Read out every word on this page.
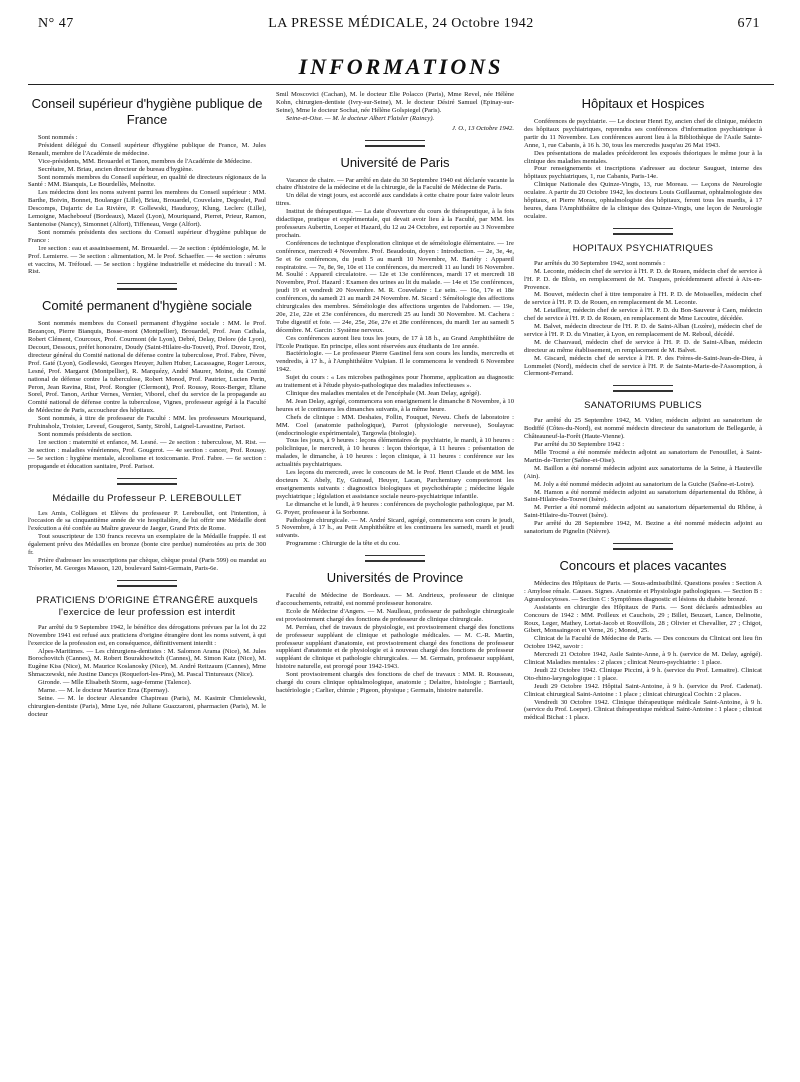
N° 47	LA PRESSE MÉDICALE, 24 Octobre 1942	671
INFORMATIONS
Conseil supérieur d'hygiène publique de France

Sont nommés :

Président délégué du Conseil supérieur d'hygiène publique de France, M. Jules Renault, membre de l'Académie de médecine.

Vice-présidents, MM. Brouardel et Tanon, membres de l'Académie de Médecine.

Secrétaire, M. Briau, ancien directeur de bureau d'hygiène.

Sont nommés membres du Conseil supérieur, en qualité de directeurs régionaux de la Santé : MM. Bianquis, Le Bourdellès, Melnotte.

Les médecins dont les noms suivent parmi les membres du Conseil supérieur : MM. Barthe, Boivin, Bonnet, Boulanger (Lille), Briau, Brouardel, Couvelaire, Degoulet, Paul Descomps, Dujarric de La Rivière, P. Gollewski, Hauduroy, Klung, Leclerc (Lille), Lemoigne, Macheboeuf (Bordeaux), Mazel (Lyon), Mouriquand, Pierret, Prieur, Ramon, Santenoise (Nancy), Simonnet (Alfort), Tiffeneau, Verge (Alfort).

Sont nommés présidents des sections du Conseil supérieur d'hygiène publique de France :

1re section : eau et assainissement, M. Brouardel. — 2e section : épidémiologie, M. le Prof. Lemierre. — 3e section : alimentation, M. le Prof. Schaeffer. — 4e section : sérums et vaccins, M. Tréfouel. — 5e section : hygiène industrielle et médecine du travail : M. Rist.

Comité permanent d'hygiène sociale

Sont nommés membres du Conseil permanent d'hygiène sociale : MM. le Prof. Bezançon, Pierre Bianquis, Bosse-mont (Montpellier), Brouardel, Prof. Jean Cathala, Robert Clément, Courcoux, Prof. Courmont (de Lyon), Debré, Delay, Delore (de Lyon), Decourt, Dessoux, préfet honoraire, Doudy (Saint-Hilaire-du-Touvet), Prof. Duvoir, Erot, directeur général du Comité national de défense contre la tuberculose, Prof. Fabre, Fèvre, Prof. Gaté (Lyon), Godlewski, Georges Heuyer, Julien Huber, Lacassagne, Roger Leroux, Lesné, Prof. Margarot (Montpellier), R. Marquézy, André Maurer, Moine, du Comité national de défense contre la tuberculose, Robert Monod, Prof. Pautrier, Lucien Perin, Peron, Jean Ravina, Rist, Prof. Rongier (Clermont), Prof. Roussy, Roux-Berger, Eliane Sorel, Prof. Tanon, Arthur Vernes, Vernier, Viborel, chef du service de la propagande au Comité national de défense contre la tuberculose, Vignes, professeur agrégé à la Faculté de Médecine de Paris, accoucheur des hôpitaux.

Sont nommés, à titre de professeur de Faculté : MM. les professeurs Mouriquand, Fruhinsholz, Troisier, Leveuf, Gougerot, Santy, Strohl, Laignel-Lavastine, Parisot.

Sont nommés présidents de section.

1re section : maternité et enfance, M. Lesné. — 2e section : tuberculose, M. Rist. — 3e section : maladies vénériennes, Prof. Gougerot. — 4e section : cancer, Prof. Roussy. — 5e section : hygiène mentale, alcoolisme et toxicomanie. Prof. Fabre. — 6e section : propagande et éducation sanitaire, Prof. Parisot.

Médaille du Professeur P. LEREBOULLET

Les Amis, Collègues et Elèves du professeur P. Lereboullet, ont l'intention, à l'occasion de sa cinquantième année de vie hospitalière, de lui offrir une Médaille dont l'exécution a été confiée au Maître graveur de Jaeger, Grand Prix de Rome.

Tout souscripteur de 130 francs recevra un exemplaire de la Médaille frappée. Il est également prévu des Médailles en bronze (bonte cire perdue) numérotées au prix de 300 fr.

Prière d'adresser les souscriptions par chèque, chèque postal (Paris 599) ou mandat au Trésorier, M. Georges Masson, 120, boulevard Saint-Germain, Paris-6e.

PRATICIENS D'ORIGINE ÉTRANGÈRE auxquels l'exercice de leur profession est interdit

Par arrêté du 9 Septembre 1942, le bénéfice des dérogations prévues par la loi du 22 Novembre 1941 est refusé aux praticiens d'origine étrangère dont les noms suivent, à qui l'exercice de la profession est, en conséquence, définitivement interdit :

Alpes-Maritimes. — Les chirurgiens-dentistes : M. Salomon Arama (Nice), M. Jules Borochovitch (Cannes), M. Robert Bourakhowitch (Cannes), M. Simon Katz (Nice), M. Eugène Kiss (Nice), M. Maurice Koslanosky (Nice), M. André Reitzaum (Cannes), Mme Shmaczewski, née Justine Dancys (Roquefort-les-Pins), M. Pascal Tintureaux (Nice).

Gironde. — Mlle Elisabeth Storm, sage-femme (Talence).

Marne. — M. le docteur Maurice Erza (Epernay).

Seine. — M. le docteur Alexandre Chapireau (Paris), M. Kasimir Chmielewski, chirurgien-dentiste (Paris), Mme Lye, née Juliane Guazzaroni, pharmacien (Paris), M. le docteur

Smil Moscovici (Cachan), M. le docteur Elie Polacco (Paris), Mme Revel, née Hélène Kohn, chirurgien-dentiste (Ivry-sur-Seine), M. le docteur Désiré Samuel (Epinay-sur-Seine), Mme le docteur Sochat, née Hélène Golspiegel (Paris).

Seine-et-Oise. — M. le docteur Albert Flaisler (Raincy).

J. O., 13 Octobre 1942.
Université de Paris

Vacance de chaire. — Par arrêté en date du 30 Septembre 1940 est déclarée vacante la chaire d'histoire de la médecine et de la chirurgie, de la Faculté de Médecine de Paris.

Un délai de vingt jours, est accordé aux candidats à cette chaire pour faire valoir leurs titres.

Institut de thérapeutique. — La date d'ouverture du cours de thérapeutique, à la fois didactique, pratique et expérimentale, qui devait avoir lieu à la Faculté, par MM. les professeurs Aubertin, Loeper et Hazard, du 12 au 24 Octobre, est reportée au 3 Novembre prochain.

Conférences de technique d'exploration clinique et de séméiologie élémentaire. — 1re conférence, mercredi 4 Novembre. Prof. Beaudouin, doyen : Introduction. — 2e, 3e, 4e, 5e et 6e conférences, du jeudi 5 au mardi 10 Novembre, M. Bariéty : Appareil respiratoire. — 7e, 8e, 9e, 10e et 11e conférences, du mercredi 11 au lundi 16 Novembre. M. Soulié : Appareil circulatoire. — 12e et 13e conférences, mardi 17 et mercredi 18 Novembre, Prof. Hazard : Examen des urines au lit du malade. — 14e et 15e conférences, jeudi 19 et vendredi 20 Novembre. M. R. Couvelaire : Le sein. — 16e, 17e et 18e conférences, du samedi 21 au mardi 24 Novembre. M. Sicard : Séméiologie des affections chirurgicales des membres. Séméiologie des affections urgentes de l'abdomen. — 19e, 20e, 21e, 22e et 23e conférences, du mercredi 25 au lundi 30 Novembre. M. Cachera : Tube digestif et foie. — 24e, 25e, 26e, 27e et 28e conférences, du mardi 1er au samedi 5 décembre. M. Garcin : Système nerveux.

Ces conférences auront lieu tous les jours, de 17 à 18 h., au Grand Amphithéâtre de l'Ecole Pratique. En principe, elles sont réservées aux étudiants de 1re année.

Bactériologie. — Le professeur Pierre Gastinel fera son cours les lundis, mercredis et vendredis, à 17 h., à l'Amphithéâtre Vulpian. Il le commencera le vendredi 6 Novembre 1942.

Sujet du cours : « Les microbes pathogènes pour l'homme, application au diagnostic au traitement et à l'étude physio-pathologique des maladies infectieuses ».

Clinique des maladies mentales et de l'encéphale (M. Jean Delay, agrégé).

M. Jean Delay, agrégé, commencera son enseignement le dimanche 8 Novembre, à 10 heures et le continuera les dimanches suivants, à la même heure.

Chefs de clinique : MM. Deshaies, Follin, Fouquet, Neveu. Chefs de laboratoire : MM. Coel (anatomie pathologique), Parrot (physiologie nerveuse), Soulayrac (endocrinologie expérimentale), Targowla (biologie).

Tous les jours, à 9 heures : leçons élémentaires de psychiatrie, le mardi, à 10 heures : policlinique, le mercredi, à 10 heures : leçon théorique, à 11 heures : présentation de malades, le dimanche, à 10 heures : leçon clinique, à 11 heures : conférence sur les actualités psychiatriques.

Les leçons du mercredi, avec le concours de M. le Prof. Henri Claude et de MM. les docteurs X. Abely, Ey, Guiraud, Heuyer, Lacan, Parchemiuey comporteront les enseignements suivants : diagnostics biologiques et psychothérapie ; médecine légale psychiatrique ; législation et assistance sociale neuro-psychiatrique infantile.

Le dimanche et le lundi, à 9 heures : conférences de psychologie pathologique, par M. G. Poyer, professeur à la Sorbonne.

Pathologie chirurgicale. — M. André Sicard, agrégé, commencera son cours le jeudi, 5 Novembre, à 17 h., au Petit Amphithéâtre et les continuera les samedi, mardi et jeudi suivants.

Programme : Chirurgie de la tête et du cou.

Universités de Province

Faculté de Médecine de Bordeaux. — M. Andrieux, professeur de clinique d'accouchements, retraité, est nommé professeur honoraire.

Ecole de Médecine d'Angers. — M. Naulleau, professeur de pathologie chirurgicale est provisoirement chargé des fonctions de professeur de clinique chirurgicale.

M. Perréau, chef de travaux de physiologie, est provisoirement chargé des fonctions de professeur suppléant de clinique et pathologie médicales. — M. C.-R. Martin, professeur suppléant d'anatomie, est provisoirement chargé des fonctions de professeur suppléant d'anatomie et de physiologie et à nouveau chargé des fonctions de professeur suppléant de clinique et pathologie chirurgicales. — M. Germain, professeur suppléant, histoire naturelle, est prorogé pour 1942-1943.

Sont provisoirement chargés des fonctions de chef de travaux : MM. R. Rousseau, chargé du cours clinique ophtalmologique, anatomie ; Delaitre, histologie ; Barriault, bactériologie ; Carlier, chimie ; Pigeon, physique ; Germain, histoire naturelle.

Hôpitaux et Hospices

Conférences de psychiatrie. — Le docteur Henri Ey, ancien chef de clinique, médecin des hôpitaux psychiatriques, reprendra ses conférences d'information psychiatrique à partir du 11 Novembre. Les conférences auront lieu à la Bibliothèque de l'Asile Sainte-Anne, 1, rue Cabanis, à 16 h. 30, tous les mercredis jusqu'au 26 Mai 1943.

Des présentations de malades précéderont les exposés théoriques le même jour à la clinique des maladies mentales.

Pour renseignements et inscriptions s'adresser au docteur Sauguet, interne des hôpitaux psychiatriques, 1, rue Cabanis, Paris-14e.

Clinique Nationale des Quinze-Vingts, 13, rue Moreau. — Leçons de Neurologie oculaire. A partir du 20 Octobre 1942, les docteurs Louis Guillaumat, ophtalmologiste des hôpitaux, et Pierre Morax, ophtalmologiste des hôpitaux, feront tous les mardis, à 17 heures, dans l'Amphithéâtre de la clinique des Quinze-Vingts, une leçon de Neurologie oculaire.

HOPITAUX PSYCHIATRIQUES

Par arrêtés du 30 Septembre 1942, sont nommés :

M. Leconte, médecin chef de service à l'H. P. D. de Rouen, médecin chef de service à l'H. P. D. de Blois, en remplacement de M. Tusques, précédemment affecté à Aix-en-Provence.

M. Bouvet, médecin chef à titre temporaire à l'H. P. D. de Moisselles, médecin chef de service à l'H. P. D. de Rouen, en remplacement de M. Leconte.

M. Letailleur, médecin chef de service à l'H. P. D. du Bon-Sauveur à Caen, médecin chef de service à l'H. P. D. de Rouen, en remplacement de Mme Lecoutre, décédée.

M. Balvet, médecin directeur de l'H. P. D. de Saint-Alban (Lozère), médecin chef de service à l'H. P. D. du Vinatier, à Lyon, en remplacement de M. Reboul, décédé.

M. de Chauvaud, médecin chef de service à l'H. P. D. de Saint-Alban, médecin directeur au même établissement, en remplacement de M. Balvet.

M. Giscard, médecin chef de service à l'H. P. des Frères-de-Saint-Jean-de-Dieu, à Lommelet (Nord), médecin chef de service à l'H. P. de Sainte-Marie-de-l'Assomption, à Clermont-Ferrand.

SANATORIUMS PUBLICS

Par arrêté du 25 Septembre 1942, M. Vidier, médecin adjoint au sanatorium de Bodiffé (Côtes-du-Nord), est nommé médecin directeur du sanatorium de Bellegarde, à Châteauneuf-la-Forêt (Haute-Vienne).

Par arrêté du 30 Septembre 1942 :

Mlle Trocmé a été nommée médecin adjoint au sanatorium de Fenouillet, à Saint-Martin-de-Terrier (Saône-et-Oise).

M. Baillon a été nommé médecin adjoint aux sanatoriums de la Seine, à Hauteville (Ain).

M. Joly a été nommé médecin adjoint au sanatorium de la Guiche (Saône-et-Loire).

M. Hamon a été nommé médecin adjoint au sanatorium départemental du Rhône, à Saint-Hilaire-du-Touvet (Isère).

M. Perrier a été nommé médecin adjoint au sanatorium départemental du Rhône, à Saint-Hilaire-du-Touvet (Isère).

Par arrêté du 28 Septembre 1942, M. Bezine a été nommé médecin adjoint au sanatorium de Pignelin (Nièvre).

Concours et places vacantes

Médecins des Hôpitaux de Paris. — Sous-admissibilité. Questions posées : Section A : Amylose rénale. Causes. Signes. Anatomie et Physiologie pathologiques. — Section B : Agranulocytoses. — Section C : Symptômes diagnostic et lésions du diabète bronzé.

Assistants en chirurgie des Hôpitaux de Paris. — Sont déclarés admissibles au Concours de 1942 : MM. Poilleux et Cauchois, 29 ; Billet, Beuzart, Lance, Delinotte, Roux, Leger, Mathey, Lortat-Jacob et Rouvillois, 28 ; Olivier et Chevallier, 27 ; Chigot, Gibert, Monsaingeon et Verne, 26 ; Monod, 25.

Clinicat de la Faculté de Médecine de Paris. — Des concours du Clinicat ont lieu fin Octobre 1942, savoir :

Mercredi 21 Octobre 1942, Asile Sainte-Anne, à 9 h. (service de M. Delay, agrégé). Clinicat Maladies mentales : 2 places ; clinicat Neuro-psychiatrie : 1 place.

Jeudi 22 Octobre 1942. Clinique Piccini, à 9 h. (service du Prof. Lemaitre). Clinicat Oto-rhino-laryngologique : 1 place.

Jeudi 29 Octobre 1942. Hôpital Saint-Antoine, à 9 h. (service du Prof. Cadenat). Clinicat chirurgical Saint-Antoine : 1 place ; clinicat chirurgical Cochin : 2 places.

Vendredi 30 Octobre 1942. Clinique thérapeutique médicale Saint-Antoine, à 9 h. (service du Prof. Loeper). Clinicat thérapeutique médical Saint-Antoine : 1 place ; clinicat médical Bichat : 1 place.
